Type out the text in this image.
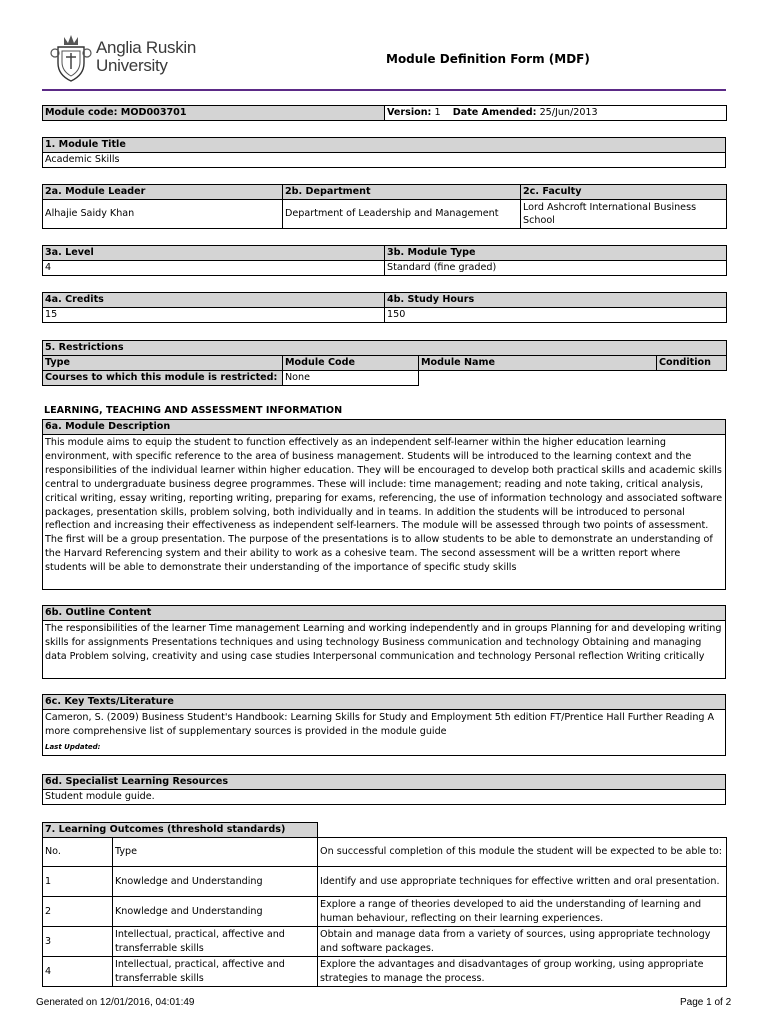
Anglia Ruskin
University	Module Definition Form (MDF)
Module code: MOD003701	Version: 1 Date Amended: 25/Jun/2013
1. Module Title
Academic Skills
2a. Module Leader	2b. Department	2c. Faculty
Alhajie Saidy Khan	Department of Leadership and Management	Lord Ashcroft International Business School
3a. Level	3b. Module Type
4	Standard (fine graded)
4a. Credits	4b. Study Hours
15	150
5. Restrictions			
Type	Module Code	Module Name	Condition
Courses to which this module is restricted:	None		
LEARNING, TEACHING AND ASSESSMENT INFORMATION
6a. Module Description
This module aims to equip the student to function effectively as an independent self-learner within the higher education learning environment, with specific reference to the area of business management. Students will be introduced to the learning context and the responsibilities of the individual learner within higher education. They will be encouraged to develop both practical skills and academic skills central to undergraduate business degree programmes. These will include: time management; reading and note taking, critical analysis, critical writing, essay writing, reporting writing, preparing for exams, referencing, the use of information technology and associated software packages, presentation skills, problem solving, both individually and in teams. In addition the students will be introduced to personal reflection and increasing their effectiveness as independent self-learners. The module will be assessed through two points of assessment. The first will be a group presentation. The purpose of the presentations is to allow students to be able to demonstrate an understanding of the Harvard Referencing system and their ability to work as a cohesive team. The second assessment will be a written report where students will be able to demonstrate their understanding of the importance of specific study skills
6b. Outline Content
The responsibilities of the learner Time management Learning and working independently and in groups Planning for and developing writing skills for assignments Presentations techniques and using technology Business communication and technology Obtaining and managing data Problem solving, creativity and using case studies Interpersonal communication and technology Personal reflection Writing critically
6c. Key Texts/Literature

Cameron, S. (2009) Business Student's Handbook: Learning Skills for Study and Employment 5th edition FT/Prentice Hall Further Reading A more comprehensive list of supplementary sources is provided in the module guide
Last Updated:
6d. Specialist Learning Resources
Student module guide.
7. Learning Outcomes (threshold standards)		
No.	Type	On successful completion of this module the student will be expected to be able to:
1	Knowledge and Understanding	Identify and use appropriate techniques for effective written and oral presentation.
2	Knowledge and Understanding	Explore a range of theories developed to aid the understanding of learning and human behaviour, reflecting on their learning experiences.
3	Intellectual, practical, affective and transferrable skills	Obtain and manage data from a variety of sources, using appropriate technology and software packages.
4	Intellectual, practical, affective and transferrable skills	Explore the advantages and disadvantages of group working, using appropriate strategies to manage the process.
Generated on 12/01/2016, 04:01:49	Page 1 of 2
